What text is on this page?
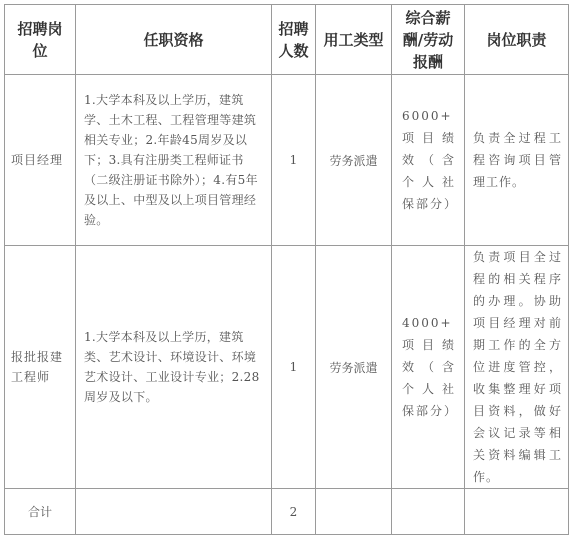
招聘岗位	任职资格	招聘人数	用工类型	综合薪酬/劳动报酬	岗位职责
项目经理	1.大学本科及以上学历，建筑学、土木工程、工程管理等建筑相关专业；2.年龄45周岁及以下；3.具有注册类工程师证书（二级注册证书除外）；4.有5年及以上、中型及以上项目管理经验。	1	劳务派遣	6000+ 项目绩效（含个人社保部分）	负责全过程工程咨询项目管理工作。
报批报建工程师	1.大学本科及以上学历，建筑类、艺术设计、环境设计、环境艺术设计、工业设计专业；2.28周岁及以下。	1	劳务派遣	4000+ 项目绩效（含个人社保部分）	负责项目全过程的相关程序的办理。协助项目经理对前期工作的全方位进度管控，收集整理好项目资料，做好会议记录等相关资料编辑工作。
合计		2			
